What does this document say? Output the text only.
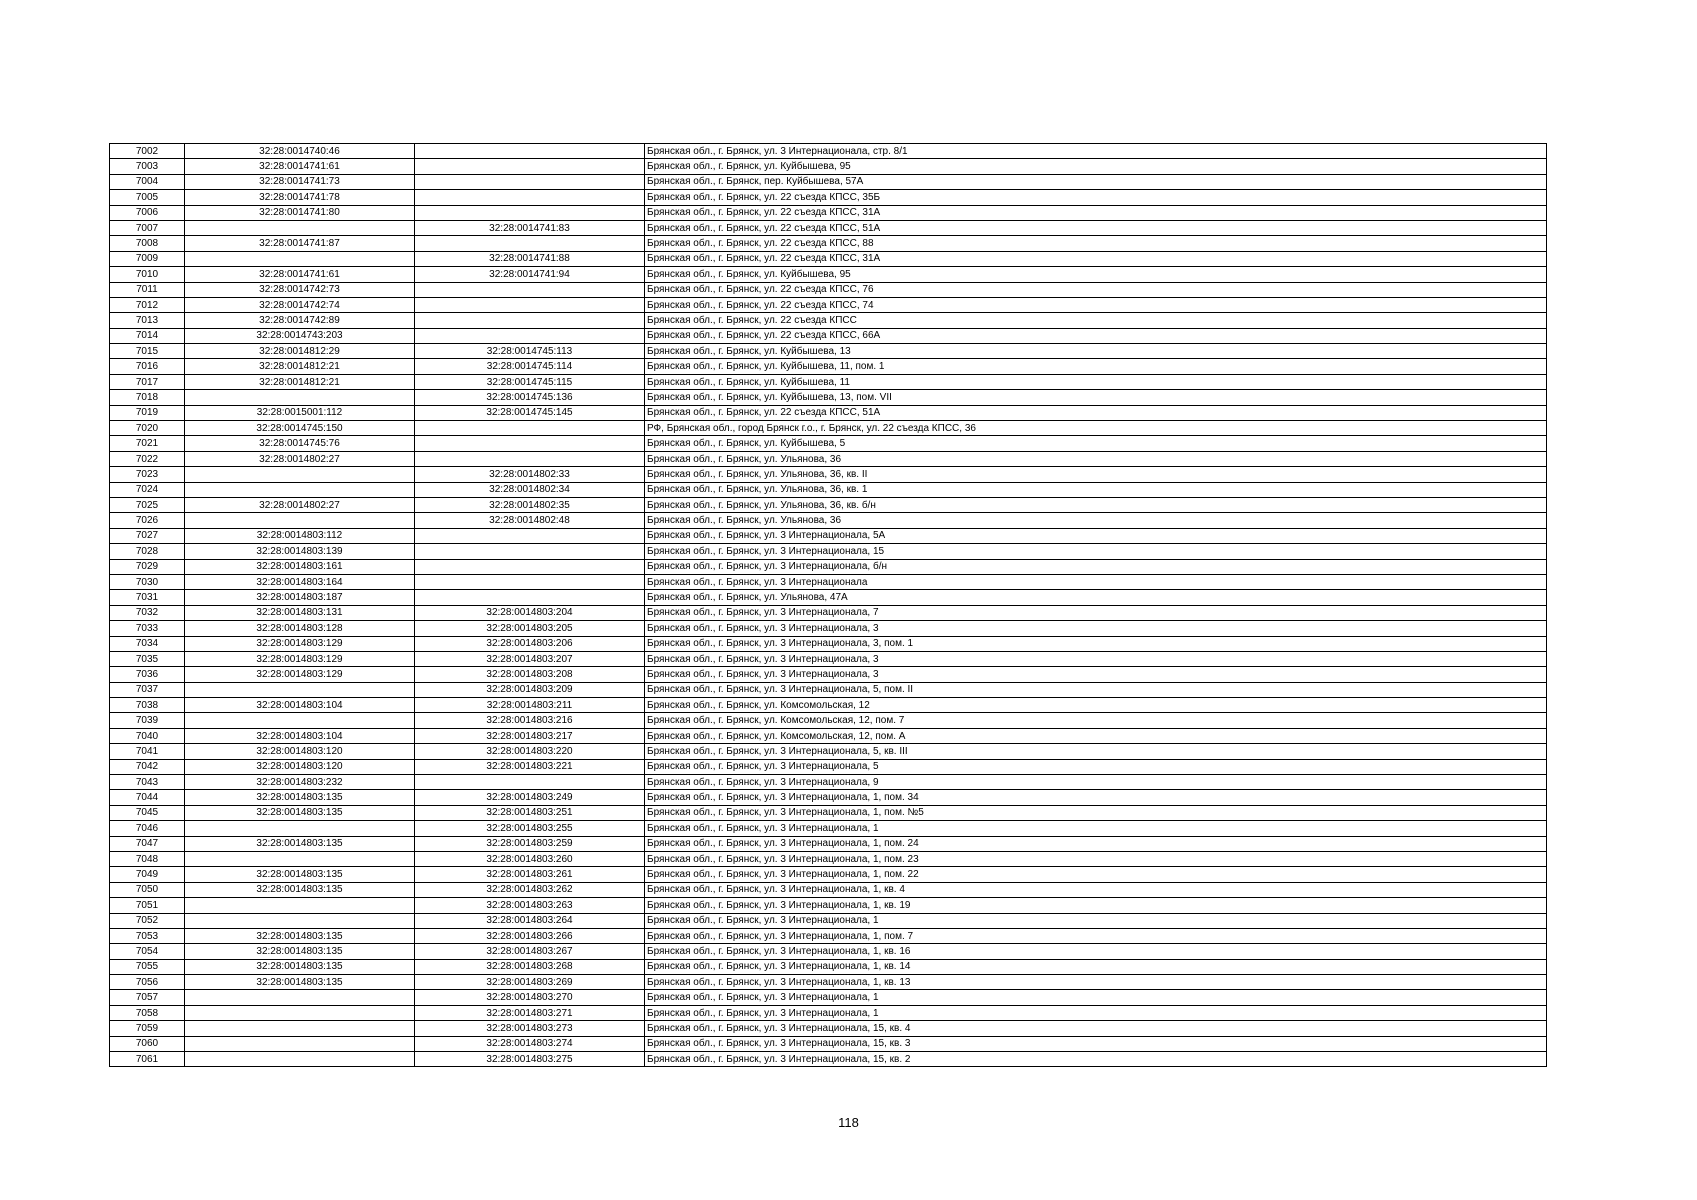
7002	32:28:0014740:46		Брянская обл., г. Брянск, ул. 3 Интернационала, стр. 8/1
7003	32:28:0014741:61		Брянская обл., г. Брянск, ул. Куйбышева, 95
7004	32:28:0014741:73		Брянская обл., г. Брянск, пер. Куйбышева, 57А
7005	32:28:0014741:78		Брянская обл., г. Брянск, ул. 22 съезда КПСС, 35Б
7006	32:28:0014741:80		Брянская обл., г. Брянск, ул. 22 съезда КПСС, 31А
7007		32:28:0014741:83	Брянская обл., г. Брянск, ул. 22 съезда КПСС, 51А
7008	32:28:0014741:87		Брянская обл., г. Брянск, ул. 22 съезда КПСС, 88
7009		32:28:0014741:88	Брянская обл., г. Брянск, ул. 22 съезда КПСС, 31А
7010	32:28:0014741:61	32:28:0014741:94	Брянская обл., г. Брянск, ул. Куйбышева, 95
7011	32:28:0014742:73		Брянская обл., г. Брянск, ул. 22 съезда КПСС, 76
7012	32:28:0014742:74		Брянская обл., г. Брянск, ул. 22 съезда КПСС, 74
7013	32:28:0014742:89		Брянская обл., г. Брянск, ул. 22 съезда КПСС
7014	32:28:0014743:203		Брянская обл., г. Брянск, ул. 22 съезда КПСС, 66А
7015	32:28:0014812:29	32:28:0014745:113	Брянская обл., г. Брянск, ул. Куйбышева, 13
7016	32:28:0014812:21	32:28:0014745:114	Брянская обл., г. Брянск, ул. Куйбышева, 11, пом. 1
7017	32:28:0014812:21	32:28:0014745:115	Брянская обл., г. Брянск, ул. Куйбышева, 11
7018		32:28:0014745:136	Брянская обл., г. Брянск, ул. Куйбышева, 13, пом. VII
7019	32:28:0015001:112	32:28:0014745:145	Брянская обл., г. Брянск, ул. 22 съезда КПСС, 51А
7020	32:28:0014745:150		РФ, Брянская обл., город Брянск г.о., г. Брянск, ул. 22 съезда КПСС, 36
7021	32:28:0014745:76		Брянская обл., г. Брянск, ул. Куйбышева, 5
7022	32:28:0014802:27		Брянская обл., г. Брянск, ул. Ульянова, 36
7023		32:28:0014802:33	Брянская обл., г. Брянск, ул. Ульянова, 36, кв. II
7024		32:28:0014802:34	Брянская обл., г. Брянск, ул. Ульянова, 36, кв. 1
7025	32:28:0014802:27	32:28:0014802:35	Брянская обл., г. Брянск, ул. Ульянова, 36, кв. б/н
7026		32:28:0014802:48	Брянская обл., г. Брянск, ул. Ульянова, 36
7027	32:28:0014803:112		Брянская обл., г. Брянск, ул. 3 Интернационала, 5А
7028	32:28:0014803:139		Брянская обл., г. Брянск, ул. 3 Интернационала, 15
7029	32:28:0014803:161		Брянская обл., г. Брянск, ул. 3 Интернационала, б/н
7030	32:28:0014803:164		Брянская обл., г. Брянск, ул. 3 Интернационала
7031	32:28:0014803:187		Брянская обл., г. Брянск, ул. Ульянова, 47А
7032	32:28:0014803:131	32:28:0014803:204	Брянская обл., г. Брянск, ул. 3 Интернационала, 7
7033	32:28:0014803:128	32:28:0014803:205	Брянская обл., г. Брянск, ул. 3 Интернационала, 3
7034	32:28:0014803:129	32:28:0014803:206	Брянская обл., г. Брянск, ул. 3 Интернационала, 3, пом. 1
7035	32:28:0014803:129	32:28:0014803:207	Брянская обл., г. Брянск, ул. 3 Интернационала, 3
7036	32:28:0014803:129	32:28:0014803:208	Брянская обл., г. Брянск, ул. 3 Интернационала, 3
7037		32:28:0014803:209	Брянская обл., г. Брянск, ул. 3 Интернационала, 5, пом. II
7038	32:28:0014803:104	32:28:0014803:211	Брянская обл., г. Брянск, ул. Комсомольская, 12
7039		32:28:0014803:216	Брянская обл., г. Брянск, ул. Комсомольская, 12, пом. 7
7040	32:28:0014803:104	32:28:0014803:217	Брянская обл., г. Брянск, ул. Комсомольская, 12, пом. А
7041	32:28:0014803:120	32:28:0014803:220	Брянская обл., г. Брянск, ул. 3 Интернационала, 5, кв. III
7042	32:28:0014803:120	32:28:0014803:221	Брянская обл., г. Брянск, ул. 3 Интернационала, 5
7043	32:28:0014803:232		Брянская обл., г. Брянск, ул. 3 Интернационала, 9
7044	32:28:0014803:135	32:28:0014803:249	Брянская обл., г. Брянск, ул. 3 Интернационала, 1, пом. 34
7045	32:28:0014803:135	32:28:0014803:251	Брянская обл., г. Брянск, ул. 3 Интернационала, 1, пом. №5
7046		32:28:0014803:255	Брянская обл., г. Брянск, ул. 3 Интернационала, 1
7047	32:28:0014803:135	32:28:0014803:259	Брянская обл., г. Брянск, ул. 3 Интернационала, 1, пом. 24
7048		32:28:0014803:260	Брянская обл., г. Брянск, ул. 3 Интернационала, 1, пом. 23
7049	32:28:0014803:135	32:28:0014803:261	Брянская обл., г. Брянск, ул. 3 Интернационала, 1, пом. 22
7050	32:28:0014803:135	32:28:0014803:262	Брянская обл., г. Брянск, ул. 3 Интернационала, 1, кв. 4
7051		32:28:0014803:263	Брянская обл., г. Брянск, ул. 3 Интернационала, 1, кв. 19
7052		32:28:0014803:264	Брянская обл., г. Брянск, ул. 3 Интернационала, 1
7053	32:28:0014803:135	32:28:0014803:266	Брянская обл., г. Брянск, ул. 3 Интернационала, 1, пом. 7
7054	32:28:0014803:135	32:28:0014803:267	Брянская обл., г. Брянск, ул. 3 Интернационала, 1, кв. 16
7055	32:28:0014803:135	32:28:0014803:268	Брянская обл., г. Брянск, ул. 3 Интернационала, 1, кв. 14
7056	32:28:0014803:135	32:28:0014803:269	Брянская обл., г. Брянск, ул. 3 Интернационала, 1, кв. 13
7057		32:28:0014803:270	Брянская обл., г. Брянск, ул. 3 Интернационала, 1
7058		32:28:0014803:271	Брянская обл., г. Брянск, ул. 3 Интернационала, 1
7059		32:28:0014803:273	Брянская обл., г. Брянск, ул. 3 Интернационала, 15, кв. 4
7060		32:28:0014803:274	Брянская обл., г. Брянск, ул. 3 Интернационала, 15, кв. 3
7061		32:28:0014803:275	Брянская обл., г. Брянск, ул. 3 Интернационала, 15, кв. 2
118
